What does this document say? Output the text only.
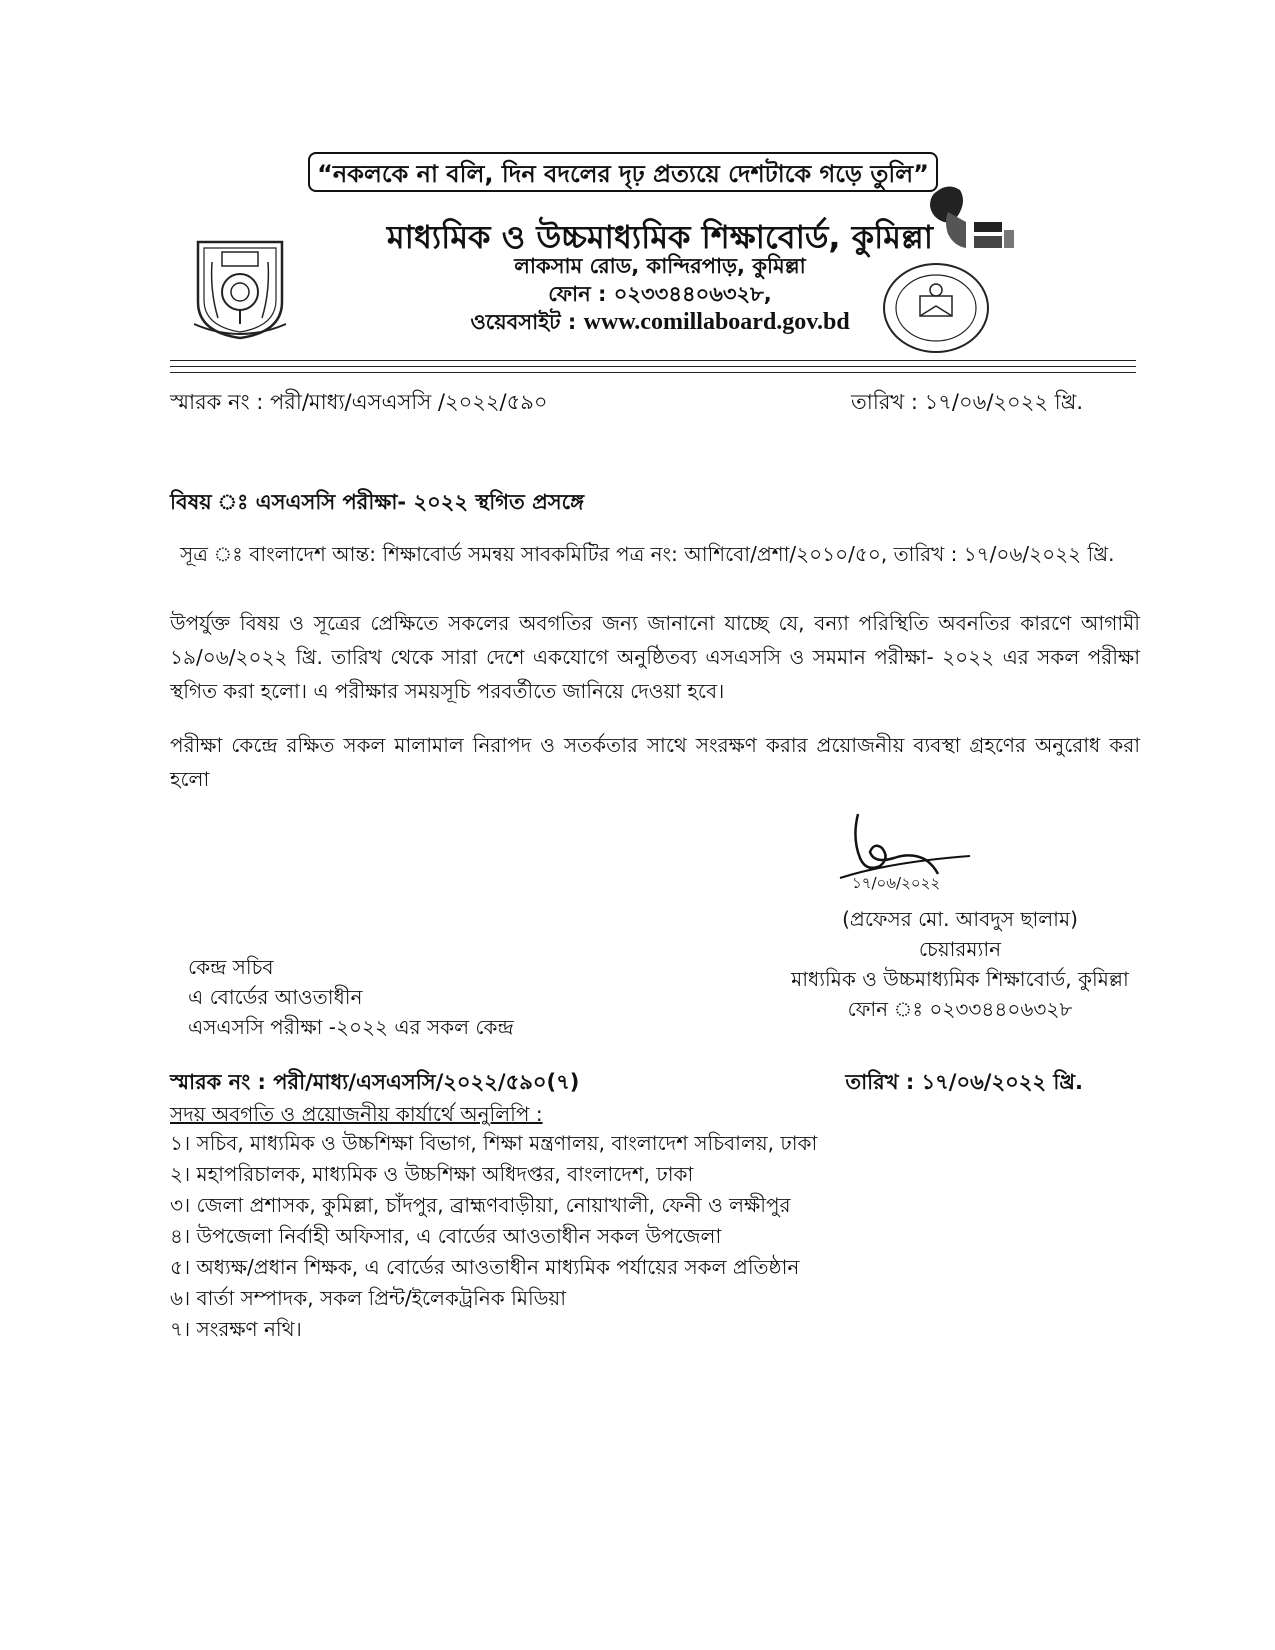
“নকলকে না বলি, দিন বদলের দৃঢ় প্রত্যয়ে দেশটাকে গড়ে তুলি”
মাধ্যমিক ও উচ্চমাধ্যমিক শিক্ষাবোর্ড, কুমিল্লা
লাকসাম রোড, কান্দিরপাড়, কুমিল্লা
ফোন : ০২৩৩৪৪০৬৩২৮,
ওয়েবসাইট : www.comillaboard.gov.bd
স্মারক নং : পরী/মাধ্য/এসএসসি /২০২২/৫৯০	তারিখ : ১৭/০৬/২০২২ খ্রি.
বিষয় ঃ এসএসসি পরীক্ষা- ২০২২ স্থগিত প্রসঙ্গে
সূত্র ঃ বাংলাদেশ আন্ত: শিক্ষাবোর্ড সমন্বয় সাবকমিটির পত্র নং: আশিবো/প্রশা/২০১০/৫০, তারিখ : ১৭/০৬/২০২২ খ্রি.
উপর্যুক্ত বিষয় ও সূত্রের প্রেক্ষিতে সকলের অবগতির জন্য জানানো যাচ্ছে যে, বন্যা পরিস্থিতি অবনতির কারণে আগামী ১৯/০৬/২০২২ খ্রি. তারিখ থেকে সারা দেশে একযোগে অনুষ্ঠিতব্য এসএসসি ও সমমান পরীক্ষা- ২০২২ এর সকল পরীক্ষা স্থগিত করা হলো। এ পরীক্ষার সময়সূচি পরবর্তীতে জানিয়ে দেওয়া হবে।
পরীক্ষা কেন্দ্রে রক্ষিত সকল মালামাল নিরাপদ ও সতর্কতার সাথে সংরক্ষণ করার প্রয়োজনীয় ব্যবস্থা গ্রহণের অনুরোধ করা হলো
১৭/০৬/২০২২
(প্রফেসর মো. আবদুস ছালাম)
চেয়ারম্যান
মাধ্যমিক ও উচ্চমাধ্যমিক শিক্ষাবোর্ড, কুমিল্লা
ফোন ঃ ০২৩৩৪৪০৬৩২৮
কেন্দ্র সচিব
এ বোর্ডের আওতাধীন
এসএসসি পরীক্ষা -২০২২ এর সকল কেন্দ্র
স্মারক নং : পরী/মাধ্য/এসএসসি/২০২২/৫৯০(৭)	তারিখ : ১৭/০৬/২০২২ খ্রি.
সদয় অবগতি ও প্রয়োজনীয় কার্যার্থে অনুলিপি :
১। সচিব, মাধ্যমিক ও উচ্চশিক্ষা বিভাগ, শিক্ষা মন্ত্রণালয়, বাংলাদেশ সচিবালয়, ঢাকা
২। মহাপরিচালক, মাধ্যমিক ও উচ্চশিক্ষা অধিদপ্তর, বাংলাদেশ, ঢাকা
৩। জেলা প্রশাসক, কুমিল্লা, চাঁদপুর, ব্রাহ্মণবাড়ীয়া, নোয়াখালী, ফেনী ও লক্ষীপুর
৪। উপজেলা নির্বাহী অফিসার, এ বোর্ডের আওতাধীন সকল উপজেলা
৫। অধ্যক্ষ/প্রধান শিক্ষক, এ বোর্ডের আওতাধীন মাধ্যমিক পর্যায়ের সকল প্রতিষ্ঠান
৬। বার্তা সম্পাদক, সকল প্রিন্ট/ইলেকট্রনিক মিডিয়া
৭। সংরক্ষণ নথি।
